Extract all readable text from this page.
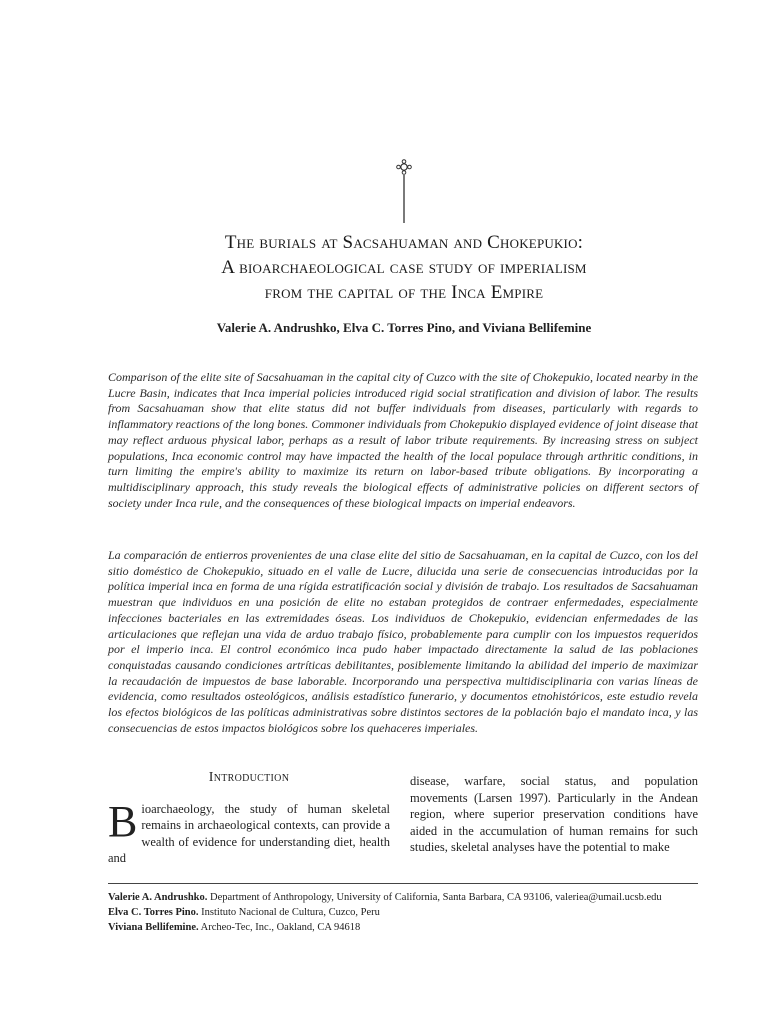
The burials at Sacsahuaman and Chokepukio:
A bioarchaeological case study of imperialism
from the capital of the Inca Empire
Valerie A. Andrushko, Elva C. Torres Pino, and Viviana Bellifemine

Comparison of the elite site of Sacsahuaman in the capital city of Cuzco with the site of Chokepukio, located nearby in the Lucre Basin, indicates that Inca imperial policies introduced rigid social stratification and division of labor. The results from Sacsahuaman show that elite status did not buffer individuals from diseases, particularly with regards to inflammatory reactions of the long bones. Commoner individuals from Chokepukio displayed evidence of joint disease that may reflect arduous physical labor, perhaps as a result of labor tribute requirements. By increasing stress on subject populations, Inca economic control may have impacted the health of the local populace through arthritic conditions, in turn limiting the empire's ability to maximize its return on labor-based tribute obligations. By incorporating a multidisciplinary approach, this study reveals the biological effects of administrative policies on different sectors of society under Inca rule, and the consequences of these biological impacts on imperial endeavors.

La comparación de entierros provenientes de una clase elite del sitio de Sacsahuaman, en la capital de Cuzco, con los del sitio doméstico de Chokepukio, situado en el valle de Lucre, dilucida una serie de consecuencias introducidas por la política imperial inca en forma de una rígida estratificación social y división de trabajo. Los resultados de Sacsahuaman muestran que individuos en una posición de elite no estaban protegidos de contraer enfermedades, especialmente infecciones bacteriales en las extremidades óseas. Los individuos de Chokepukio, evidencian enfermedades de las articulaciones que reflejan una vida de arduo trabajo físico, probablemente para cumplir con los impuestos requeridos por el imperio inca. El control económico inca pudo haber impactado directamente la salud de las poblaciones conquistadas causando condiciones artríticas debilitantes, posiblemente limitando la abilidad del imperio de maximizar la recaudación de impuestos de base laborable. Incorporando una perspectiva multidisciplinaria con varias líneas de evidencia, como resultados osteológicos, análisis estadístico funerario, y documentos etnohistóricos, este estudio revela los efectos biológicos de las políticas administrativas sobre distintos sectores de la población bajo el mandato inca, y las consecuencias de estos impactos biológicos sobre los quehaceres imperiales.

Introduction

Bioarchaeology, the study of human skeletal remains in archaeological contexts, can provide a wealth of evidence for understanding diet, health and

disease, warfare, social status, and population movements (Larsen 1997). Particularly in the Andean region, where superior preservation conditions have aided in the accumulation of human remains for such studies, skeletal analyses have the potential to make

Valerie A. Andrushko. Department of Anthropology, University of California, Santa Barbara, CA 93106, valeriea@umail.ucsb.edu
Elva C. Torres Pino. Instituto Nacional de Cultura, Cuzco, Peru
Viviana Bellifemine. Archeo-Tec, Inc., Oakland, CA 94618
